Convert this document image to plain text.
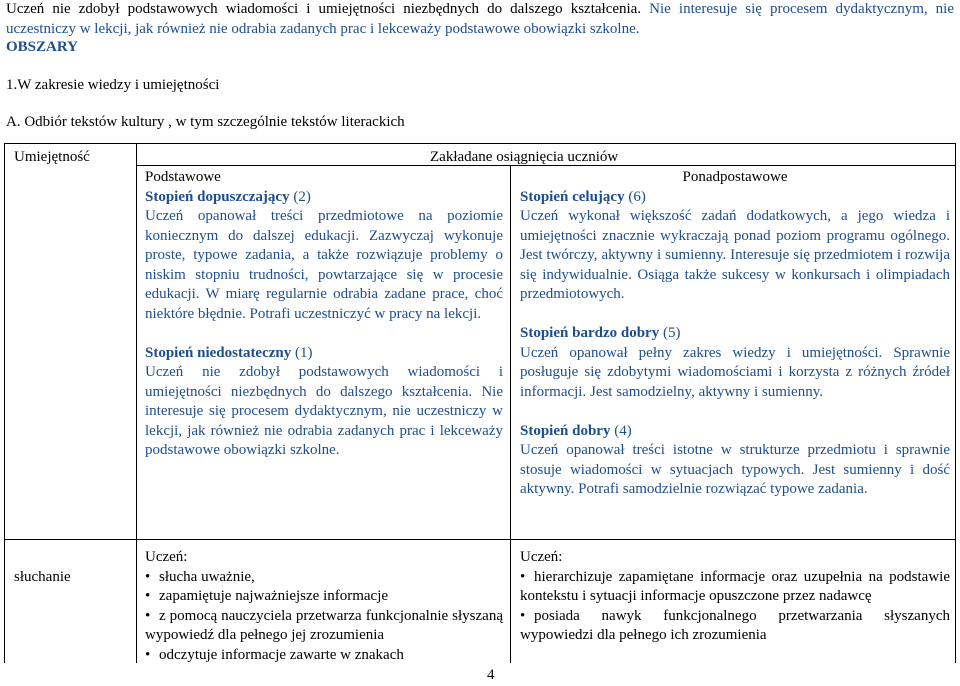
Uczeń nie zdobył podstawowych wiadomości i umiejętności niezbędnych do dalszego kształcenia. Nie interesuje się procesem dydaktycznym, nie uczestniczy w lekcji, jak również nie odrabia zadanych prac i lekceważy podstawowe obowiązki szkolne.
OBSZARY
1.W zakresie wiedzy i umiejętności
A. Odbiór tekstów kultury , w tym szczególnie tekstów literackich
Umiejętność	Zakładane osiągnięcia uczniów

Podstawowe

Stopień dopuszczający (2)

Uczeń opanował treści przedmiotowe na poziomie koniecznym do dalszej edukacji. Zazwyczaj wykonuje proste, typowe zadania, a także rozwiązuje problemy o niskim stopniu trudności, powtarzające się w procesie edukacji. W miarę regularnie odrabia zadane prace, choć niektóre błędnie. Potrafi uczestniczyć w pracy na lekcji.

Stopień niedostateczny (1)

Uczeń nie zdobył podstawowych wiadomości i umiejętności niezbędnych do dalszego kształcenia. Nie interesuje się procesem dydaktycznym, nie uczestniczy w lekcji, jak również nie odrabia zadanych prac i lekceważy podstawowe obowiązki szkolne.

Ponadpostawowe

Stopień celujący (6)

Uczeń wykonał większość zadań dodatkowych, a jego wiedza i umiejętności znacznie wykraczają ponad poziom programu ogólnego. Jest twórczy, aktywny i sumienny. Interesuje się przedmiotem i rozwija się indywidualnie. Osiąga także sukcesy w konkursach i olimpiadach przedmiotowych.

Stopień bardzo dobry (5)

Uczeń opanował pełny zakres wiedzy i umiejętności. Sprawnie posługuje się zdobytymi wiadomościami i korzysta z różnych źródeł informacji. Jest samodzielny, aktywny i sumienny.

Stopień dobry (4)

Uczeń opanował treści istotne w strukturze przedmiotu i sprawnie stosuje wiadomości w sytuacjach typowych. Jest sumienny i dość aktywny. Potrafi samodzielnie rozwiązać typowe zadania.

słuchanie

Uczeń:

• słucha uważnie,
• zapamiętuje najważniejsze informacje
• z pomocą nauczyciela przetwarza funkcjonalnie słyszaną wypowiedź dla pełnego jej zrozumienia
• odczytuje informacje zawarte w znakach

Uczeń:

• hierarchizuje zapamiętane informacje oraz uzupełnia na podstawie kontekstu i sytuacji informacje opuszczone przez nadawcę
• posiada nawyk funkcjonalnego przetwarzania słyszanych wypowiedzi dla pełnego ich zrozumienia
4
